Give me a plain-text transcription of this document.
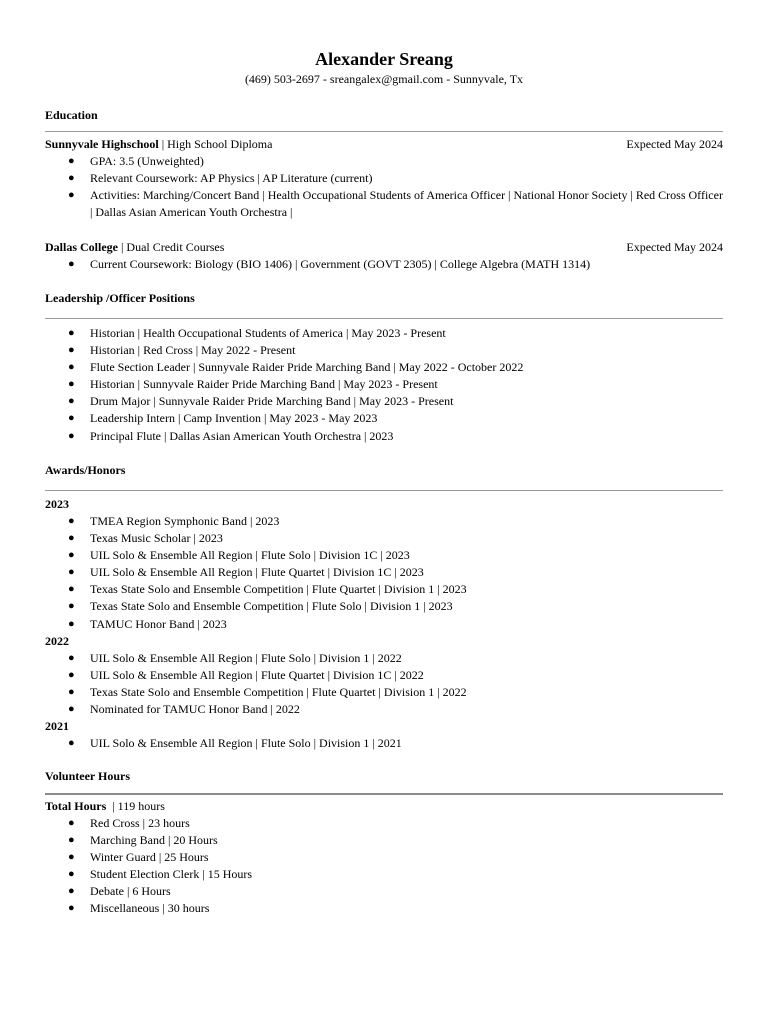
Alexander Sreang
(469) 503-2697 - sreangalex@gmail.com - Sunnyvale, Tx
Education
Sunnyvale Highschool | High School Diploma	Expected May 2024
● GPA: 3.5 (Unweighted)
● Relevant Coursework: AP Physics | AP Literature (current)
● Activities: Marching/Concert Band | Health Occupational Students of America Officer | National Honor Society | Red Cross Officer | Dallas Asian American Youth Orchestra |
Dallas College | Dual Credit Courses	Expected May 2024
● Current Coursework: Biology (BIO 1406) | Government (GOVT 2305) | College Algebra (MATH 1314)
Leadership /Officer Positions
● Historian | Health Occupational Students of America | May 2023 - Present
● Historian | Red Cross | May 2022 - Present
● Flute Section Leader | Sunnyvale Raider Pride Marching Band | May 2022 - October 2022
● Historian | Sunnyvale Raider Pride Marching Band | May 2023 - Present
● Drum Major | Sunnyvale Raider Pride Marching Band | May 2023 - Present
● Leadership Intern | Camp Invention | May 2023 - May 2023
● Principal Flute | Dallas Asian American Youth Orchestra | 2023
Awards/Honors
2023
● TMEA Region Symphonic Band | 2023
● Texas Music Scholar | 2023
● UIL Solo & Ensemble All Region | Flute Solo | Division 1C | 2023
● UIL Solo & Ensemble All Region | Flute Quartet | Division 1C | 2023
● Texas State Solo and Ensemble Competition | Flute Quartet | Division 1 | 2023
● Texas State Solo and Ensemble Competition | Flute Solo | Division 1 | 2023
● TAMUC Honor Band | 2023
2022
● UIL Solo & Ensemble All Region | Flute Solo | Division 1 | 2022
● UIL Solo & Ensemble All Region | Flute Quartet | Division 1C | 2022
● Texas State Solo and Ensemble Competition | Flute Quartet | Division 1 | 2022
● Nominated for TAMUC Honor Band | 2022
2021
● UIL Solo & Ensemble All Region | Flute Solo | Division 1 | 2021
Volunteer Hours
Total Hours  | 119 hours
● Red Cross | 23 hours
● Marching Band | 20 Hours
● Winter Guard | 25 Hours
● Student Election Clerk | 15 Hours
● Debate | 6 Hours
● Miscellaneous | 30 hours
